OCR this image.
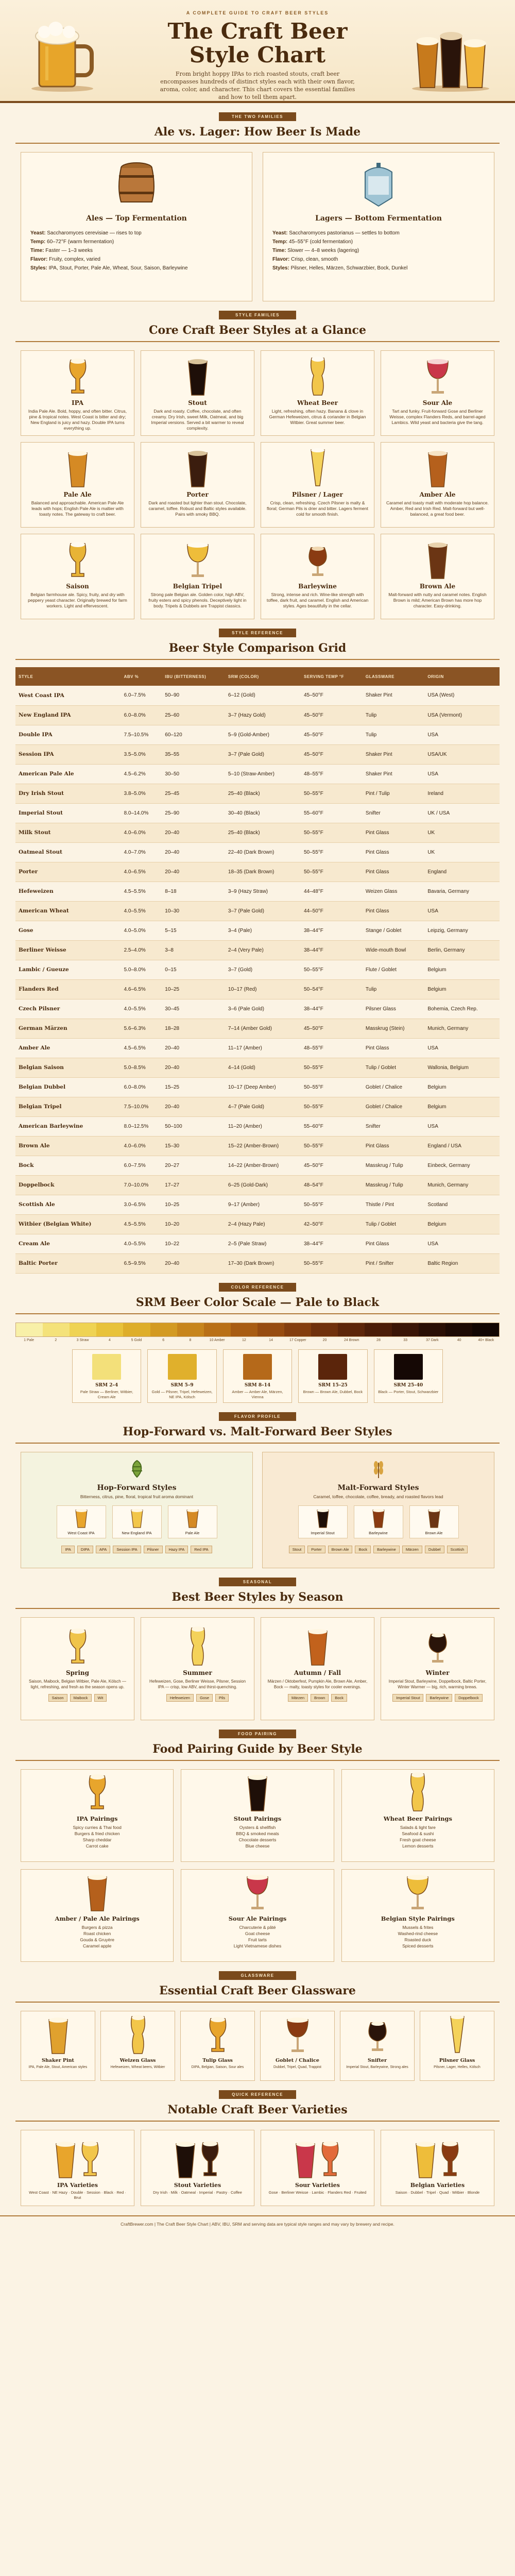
A COMPLETE GUIDE TO CRAFT BEER STYLES
The Craft Beer
Style Chart
From bright hoppy IPAs to rich roasted stouts, craft beer encompasses hundreds of distinct styles each with their own flavor, aroma, color, and character. This chart covers the essential families and how to tell them apart.
THE TWO FAMILIES
Ale vs. Lager: How Beer Is Made
Ales — Top Fermentation
Yeast: Saccharomyces cerevisiae — rises to top
Temp: 60–72°F (warm fermentation)
Time: Faster — 1–3 weeks
Flavor: Fruity, complex, varied
Styles: IPA, Stout, Porter, Pale Ale, Wheat, Sour, Saison, Barleywine
Lagers — Bottom Fermentation
Yeast: Saccharomyces pastorianus — settles to bottom
Temp: 45–55°F (cold fermentation)
Time: Slower — 4–8 weeks (lagering)
Flavor: Crisp, clean, smooth
Styles: Pilsner, Helles, Märzen, Schwarzbier, Bock, Dunkel
STYLE FAMILIES
Core Craft Beer Styles at a Glance
IPA

India Pale Ale. Bold, hoppy, and often bitter. Citrus, pine & tropical notes. West Coast is bitter and dry; New England is juicy and hazy. Double IPA turns everything up.

Stout

Dark and roasty. Coffee, chocolate, and often creamy. Dry Irish, sweet Milk, Oatmeal, and big Imperial versions. Served a bit warmer to reveal complexity.

Wheat Beer

Light, refreshing, often hazy. Banana & clove in German Hefeweizen, citrus & coriander in Belgian Witbier. Great summer beer.

Sour Ale

Tart and funky. Fruit-forward Gose and Berliner Weisse, complex Flanders Reds, and barrel-aged Lambics. Wild yeast and bacteria give the tang.

Pale Ale

Balanced and approachable. American Pale Ale leads with hops; English Pale Ale is maltier with toasty notes. The gateway to craft beer.

Porter

Dark and roasted but lighter than stout. Chocolate, caramel, toffee. Robust and Baltic styles available. Pairs with smoky BBQ.

Pilsner / Lager

Crisp, clean, refreshing. Czech Pilsner is malty & floral; German Pils is drier and bitter. Lagers ferment cold for smooth finish.

Amber Ale

Caramel and toasty malt with moderate hop balance. Amber, Red and Irish Red. Malt-forward but well-balanced, a great food beer.

Saison

Belgian farmhouse ale. Spicy, fruity, and dry with peppery yeast character. Originally brewed for farm workers. Light and effervescent.

Belgian Tripel

Strong pale Belgian ale. Golden color, high ABV, fruity esters and spicy phenols. Deceptively light in body. Tripels & Dubbels are Trappist classics.

Barleywine

Strong, intense and rich. Wine-like strength with toffee, dark fruit, and caramel. English and American styles. Ages beautifully in the cellar.

Brown Ale

Malt-forward with nutty and caramel notes. English Brown is mild; American Brown has more hop character. Easy-drinking.

STYLE REFERENCE
Beer Style Comparison Grid
STYLE	ABV %	IBU (BITTERNESS)	SRM (COLOR)	SERVING TEMP °F	GLASSWARE	ORIGIN
West Coast IPA	6.0–7.5%	50–90	6–12 (Gold)	45–50°F	Shaker Pint	USA (West)
New England IPA	6.0–8.0%	25–60	3–7 (Hazy Gold)	45–50°F	Tulip	USA (Vermont)
Double IPA	7.5–10.5%	60–120	5–9 (Gold-Amber)	45–50°F	Tulip	USA
Session IPA	3.5–5.0%	35–55	3–7 (Pale Gold)	45–50°F	Shaker Pint	USA/UK
American Pale Ale	4.5–6.2%	30–50	5–10 (Straw-Amber)	48–55°F	Shaker Pint	USA
Dry Irish Stout	3.8–5.0%	25–45	25–40 (Black)	50–55°F	Pint / Tulip	Ireland
Imperial Stout	8.0–14.0%	25–90	30–40 (Black)	55–60°F	Snifter	UK / USA
Milk Stout	4.0–6.0%	20–40	25–40 (Black)	50–55°F	Pint Glass	UK
Oatmeal Stout	4.0–7.0%	20–40	22–40 (Dark Brown)	50–55°F	Pint Glass	UK
Porter	4.0–6.5%	20–40	18–35 (Dark Brown)	50–55°F	Pint Glass	England
Hefeweizen	4.5–5.5%	8–18	3–9 (Hazy Straw)	44–48°F	Weizen Glass	Bavaria, Germany
American Wheat	4.0–5.5%	10–30	3–7 (Pale Gold)	44–50°F	Pint Glass	USA
Gose	4.0–5.0%	5–15	3–4 (Pale)	38–44°F	Stange / Goblet	Leipzig, Germany
Berliner Weisse	2.5–4.0%	3–8	2–4 (Very Pale)	38–44°F	Wide-mouth Bowl	Berlin, Germany
Lambic / Gueuze	5.0–8.0%	0–15	3–7 (Gold)	50–55°F	Flute / Goblet	Belgium
Flanders Red	4.6–6.5%	10–25	10–17 (Red)	50–54°F	Tulip	Belgium
Czech Pilsner	4.0–5.5%	30–45	3–6 (Pale Gold)	38–44°F	Pilsner Glass	Bohemia, Czech Rep.
German Märzen	5.6–6.3%	18–28	7–14 (Amber Gold)	45–50°F	Masskrug (Stein)	Munich, Germany
Amber Ale	4.5–6.5%	20–40	11–17 (Amber)	48–55°F	Pint Glass	USA
Belgian Saison	5.0–8.5%	20–40	4–14 (Gold)	50–55°F	Tulip / Goblet	Wallonia, Belgium
Belgian Dubbel	6.0–8.0%	15–25	10–17 (Deep Amber)	50–55°F	Goblet / Chalice	Belgium
Belgian Tripel	7.5–10.0%	20–40	4–7 (Pale Gold)	50–55°F	Goblet / Chalice	Belgium
American Barleywine	8.0–12.5%	50–100	11–20 (Amber)	55–60°F	Snifter	USA
Brown Ale	4.0–6.0%	15–30	15–22 (Amber-Brown)	50–55°F	Pint Glass	England / USA
Bock	6.0–7.5%	20–27	14–22 (Amber-Brown)	45–50°F	Masskrug / Tulip	Einbeck, Germany
Doppelbock	7.0–10.0%	17–27	6–25 (Gold-Dark)	48–54°F	Masskrug / Tulip	Munich, Germany
Scottish Ale	3.0–6.5%	10–25	9–17 (Amber)	50–55°F	Thistle / Pint	Scotland
Witbier (Belgian White)	4.5–5.5%	10–20	2–4 (Hazy Pale)	42–50°F	Tulip / Goblet	Belgium
Cream Ale	4.0–5.5%	10–22	2–5 (Pale Straw)	38–44°F	Pint Glass	USA
Baltic Porter	6.5–9.5%	20–40	17–30 (Dark Brown)	50–55°F	Pint / Snifter	Baltic Region
COLOR REFERENCE
SRM Beer Color Scale — Pale to Black
1 Pale	2	3 Straw	4	5 Gold	6	8	10 Amber	12	14	17 Copper	20	24 Brown	28	33	37 Dark	40	40+ Black
SRM 2–4

Pale Straw — Berliner, Witbier, Cream Ale

SRM 5–9

Gold — Pilsner, Tripel, Hefeweizen, NE IPA, Kölsch

SRM 8–14

Amber — Amber Ale, Märzen, Vienna

SRM 15–25

Brown — Brown Ale, Dubbel, Bock

SRM 25–40

Black — Porter, Stout, Schwarzbier

FLAVOR PROFILE
Hop-Forward vs. Malt-Forward Beer Styles
Hop-Forward Styles
Bitterness, citrus, pine, floral, tropical fruit aroma dominant
West Coast IPA	New England IPA	Pale Ale
IPA	DIPA	APA	Session IPA	Pilsner	Hazy IPA	Red IPA
Malt-Forward Styles
Caramel, toffee, chocolate, coffee, bready, and roasted flavors lead
Imperial Stout	Barleywine	Brown Ale
Stout	Porter	Brown Ale	Bock	Barleywine	Märzen	Dubbel	Scottish
SEASONAL
Best Beer Styles by Season
Spring

Saison, Maibock, Belgian Witbier, Pale Ale, Kölsch — light, refreshing, and fresh as the season opens up.

Saison	Maibock	Wit
Summer

Hefeweizen, Gose, Berliner Weisse, Pilsner, Session IPA — crisp, low ABV, and thirst-quenching.

Hefeweizen	Gose	Pils
Autumn / Fall

Märzen / Oktoberfest, Pumpkin Ale, Brown Ale, Amber, Bock — malty, toasty styles for cooler evenings.

Märzen	Brown	Bock
Winter

Imperial Stout, Barleywine, Doppelbock, Baltic Porter, Winter Warmer — big, rich, warming brews.

Imperial Stout	Barleywine	Doppelbock
FOOD PAIRING
Food Pairing Guide by Beer Style
IPA Pairings
Spicy curries & Thai food
Burgers & fried chicken
Sharp cheddar
Carrot cake
Stout Pairings
Oysters & shellfish
BBQ & smoked meats
Chocolate desserts
Blue cheese
Wheat Beer Pairings
Salads & light fare
Seafood & sushi
Fresh goat cheese
Lemon desserts
Amber / Pale Ale Pairings
Burgers & pizza
Roast chicken
Gouda & Gruyère
Caramel apple
Sour Ale Pairings
Charcuterie & pâté
Goat cheese
Fruit tarts
Light Vietnamese dishes
Belgian Style Pairings
Mussels & frites
Washed-rind cheese
Roasted duck
Spiced desserts
GLASSWARE
Essential Craft Beer Glassware
Shaker Pint

IPA, Pale Ale, Stout, American styles

Weizen Glass

Hefeweizen, Wheat beers, Witbier

Tulip Glass

DIPA, Belgian, Saison, Sour ales

Goblet / Chalice

Dubbel, Tripel, Quad, Trappist

Snifter

Imperial Stout, Barleywine, Strong ales

Pilsner Glass

Pilsner, Lager, Helles, Kölsch

QUICK REFERENCE
Notable Craft Beer Varieties
IPA Varieties

West Coast · NE Hazy · Double · Session · Black · Red · Brut

Stout Varieties

Dry Irish · Milk · Oatmeal · Imperial · Pastry · Coffee

Sour Varieties

Gose · Berliner Weisse · Lambic · Flanders Red · Fruited

Belgian Varieties

Saison · Dubbel · Tripel · Quad · Witbier · Blonde

CraftBrewer.com | The Craft Beer Style Chart | ABV, IBU, SRM and serving data are typical style ranges and may vary by brewery and recipe.
